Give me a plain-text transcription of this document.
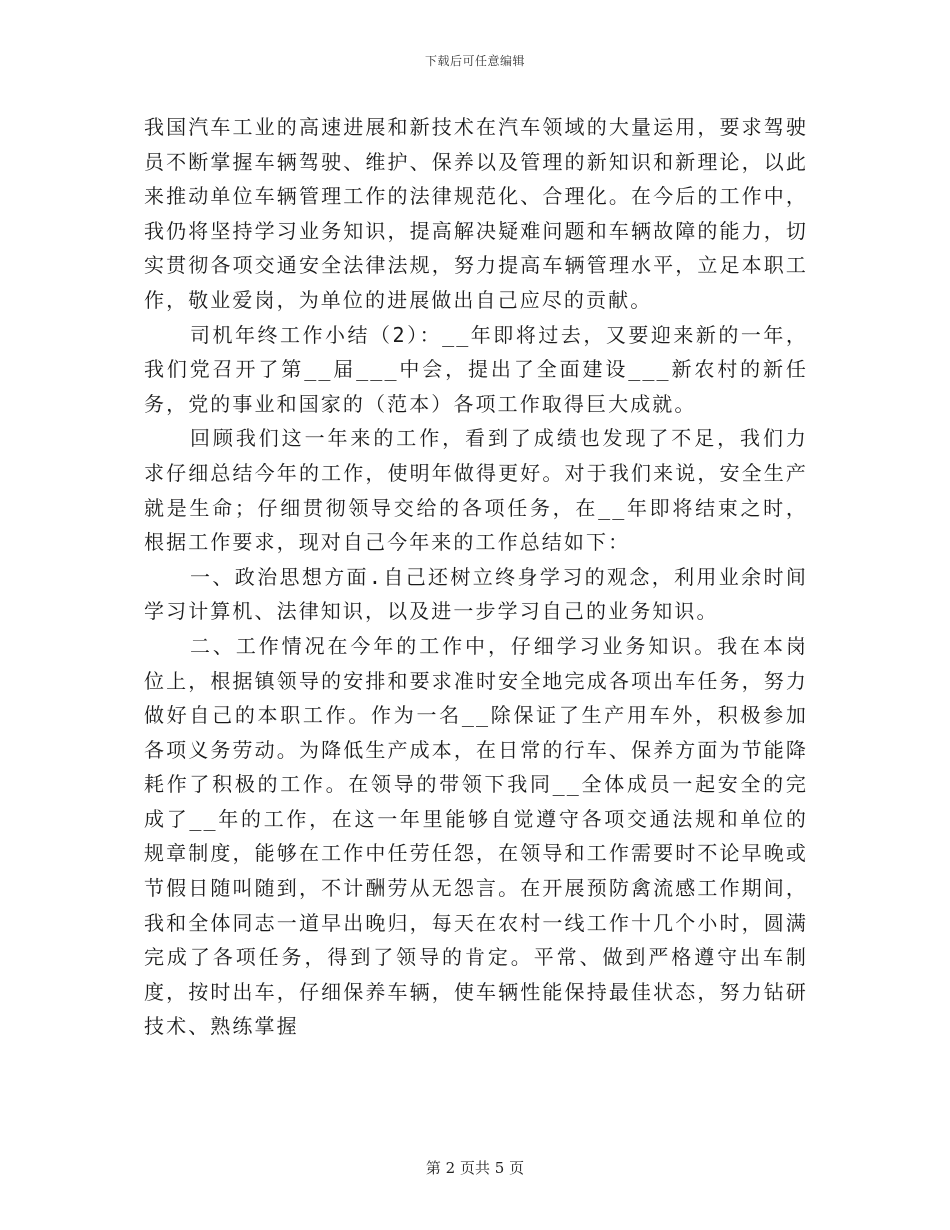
下载后可任意编辑

我国汽车工业的高速进展和新技术在汽车领域的大量运用，要求驾驶员不断掌握车辆驾驶、维护、保养以及管理的新知识和新理论，以此来推动单位车辆管理工作的法律规范化、合理化。在今后的工作中，我仍将坚持学习业务知识，提高解决疑难问题和车辆故障的能力，切实贯彻各项交通安全法律法规，努力提高车辆管理水平，立足本职工作，敬业爱岗，为单位的进展做出自己应尽的贡献。

司机年终工作小结（2）：__年即将过去，又要迎来新的一年，我们党召开了第__届___中会，提出了全面建设___新农村的新任务，党的事业和国家的（范本）各项工作取得巨大成就。

回顾我们这一年来的工作，看到了成绩也发现了不足，我们力求仔细总结今年的工作，使明年做得更好。对于我们来说，安全生产就是生命；仔细贯彻领导交给的各项任务，在__年即将结束之时，根据工作要求，现对自己今年来的工作总结如下：

一、政治思想方面.自己还树立终身学习的观念，利用业余时间学习计算机、法律知识，以及进一步学习自己的业务知识。

二、工作情况在今年的工作中，仔细学习业务知识。我在本岗位上，根据镇领导的安排和要求准时安全地完成各项出车任务，努力做好自己的本职工作。作为一名__除保证了生产用车外，积极参加各项义务劳动。为降低生产成本，在日常的行车、保养方面为节能降耗作了积极的工作。在领导的带领下我同__全体成员一起安全的完成了__年的工作，在这一年里能够自觉遵守各项交通法规和单位的规章制度，能够在工作中任劳任怨，在领导和工作需要时不论早晚或节假日随叫随到，不计酬劳从无怨言。在开展预防禽流感工作期间，我和全体同志一道早出晚归，每天在农村一线工作十几个小时，圆满完成了各项任务，得到了领导的肯定。平常、做到严格遵守出车制度，按时出车，仔细保养车辆，使车辆性能保持最佳状态，努力钻研技术、熟练掌握

第 2 页共 5 页
